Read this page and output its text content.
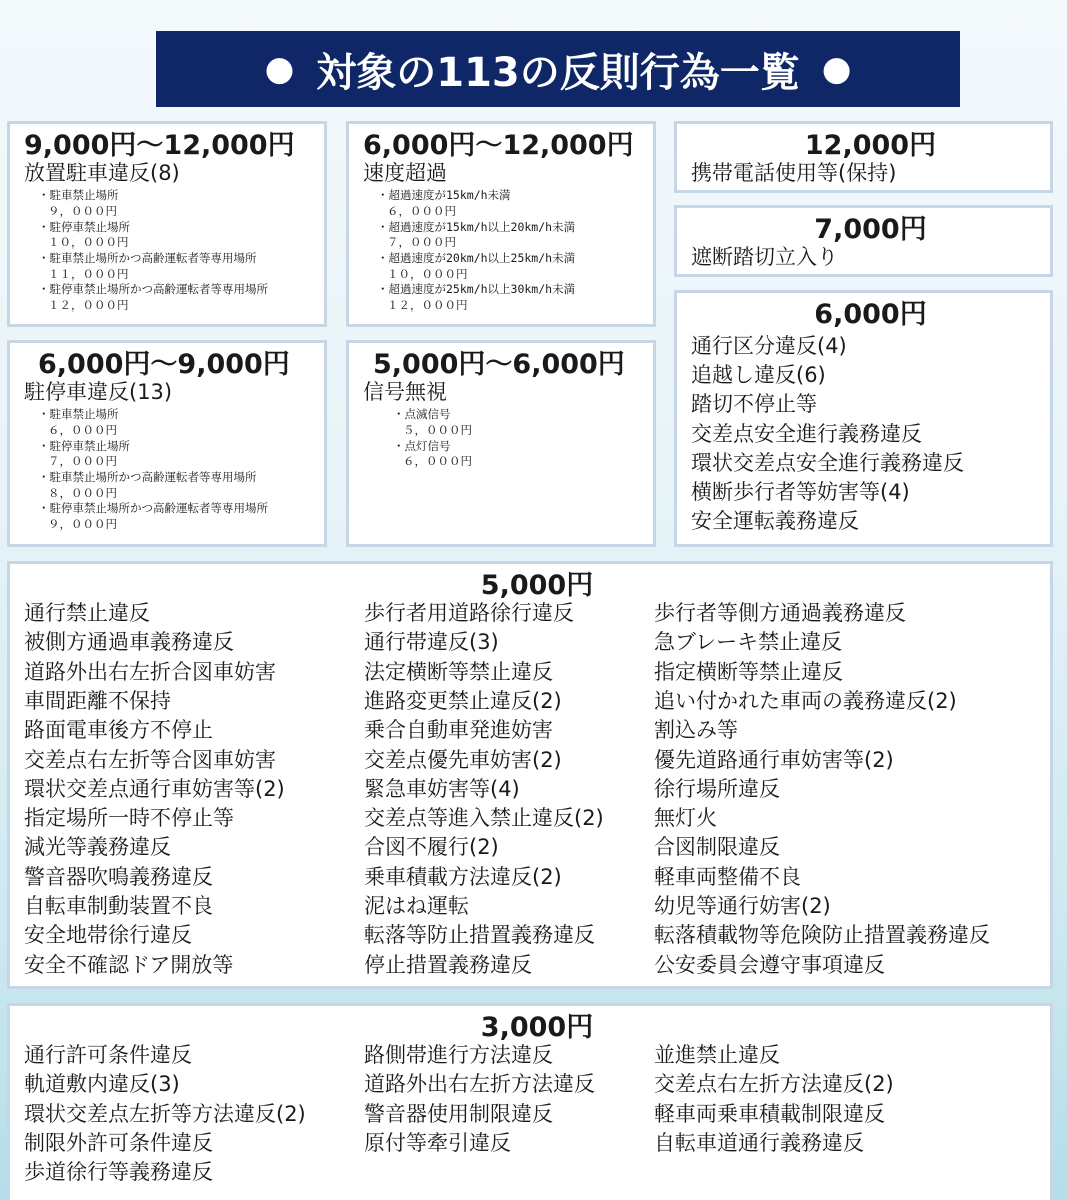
● 対象の113の反則行為一覧 ●
9,000円～12,000円
放置駐車違反(8)
・駐車禁止場所
９，０００円
・駐停車禁止場所
１０，０００円
・駐車禁止場所かつ高齢運転者等専用場所
１１，０００円
・駐停車禁止場所かつ高齢運転者等専用場所
１２，０００円
6,000円～12,000円
速度超過
・超過速度が15km/h未満
６，０００円
・超過速度が15km/h以上20km/h未満
７，０００円
・超過速度が20km/h以上25km/h未満
１０，０００円
・超過速度が25km/h以上30km/h未満
１２，０００円
12,000円
携帯電話使用等(保持)
7,000円
遮断踏切立入り
6,000円～9,000円
駐停車違反(13)
・駐車禁止場所
６，０００円
・駐停車禁止場所
７，０００円
・駐車禁止場所かつ高齢運転者等専用場所
８，０００円
・駐停車禁止場所かつ高齢運転者等専用場所
９，０００円
5,000円～6,000円
信号無視
・点滅信号
５，０００円
・点灯信号
６，０００円
6,000円
通行区分違反(4)
追越し違反(6)
踏切不停止等
交差点安全進行義務違反
環状交差点安全進行義務違反
横断歩行者等妨害等(4)
安全運転義務違反
5,000円
通行禁止違反
被側方通過車義務違反
道路外出右左折合図車妨害
車間距離不保持
路面電車後方不停止
交差点右左折等合図車妨害
環状交差点通行車妨害等(2)
指定場所一時不停止等
減光等義務違反
警音器吹鳴義務違反
自転車制動装置不良
安全地帯徐行違反
安全不確認ドア開放等
歩行者用道路徐行違反
通行帯違反(3)
法定横断等禁止違反
進路変更禁止違反(2)
乗合自動車発進妨害
交差点優先車妨害(2)
緊急車妨害等(4)
交差点等進入禁止違反(2)
合図不履行(2)
乗車積載方法違反(2)
泥はね運転
転落等防止措置義務違反
停止措置義務違反
歩行者等側方通過義務違反
急ブレーキ禁止違反
指定横断等禁止違反
追い付かれた車両の義務違反(2)
割込み等
優先道路通行車妨害等(2)
徐行場所違反
無灯火
合図制限違反
軽車両整備不良
幼児等通行妨害(2)
転落積載物等危険防止措置義務違反
公安委員会遵守事項違反
3,000円
通行許可条件違反
軌道敷内違反(3)
環状交差点左折等方法違反(2)
制限外許可条件違反
歩道徐行等義務違反
路側帯進行方法違反
道路外出右左折方法違反
警音器使用制限違反
原付等牽引違反
並進禁止違反
交差点右左折方法違反(2)
軽車両乗車積載制限違反
自転車道通行義務違反
